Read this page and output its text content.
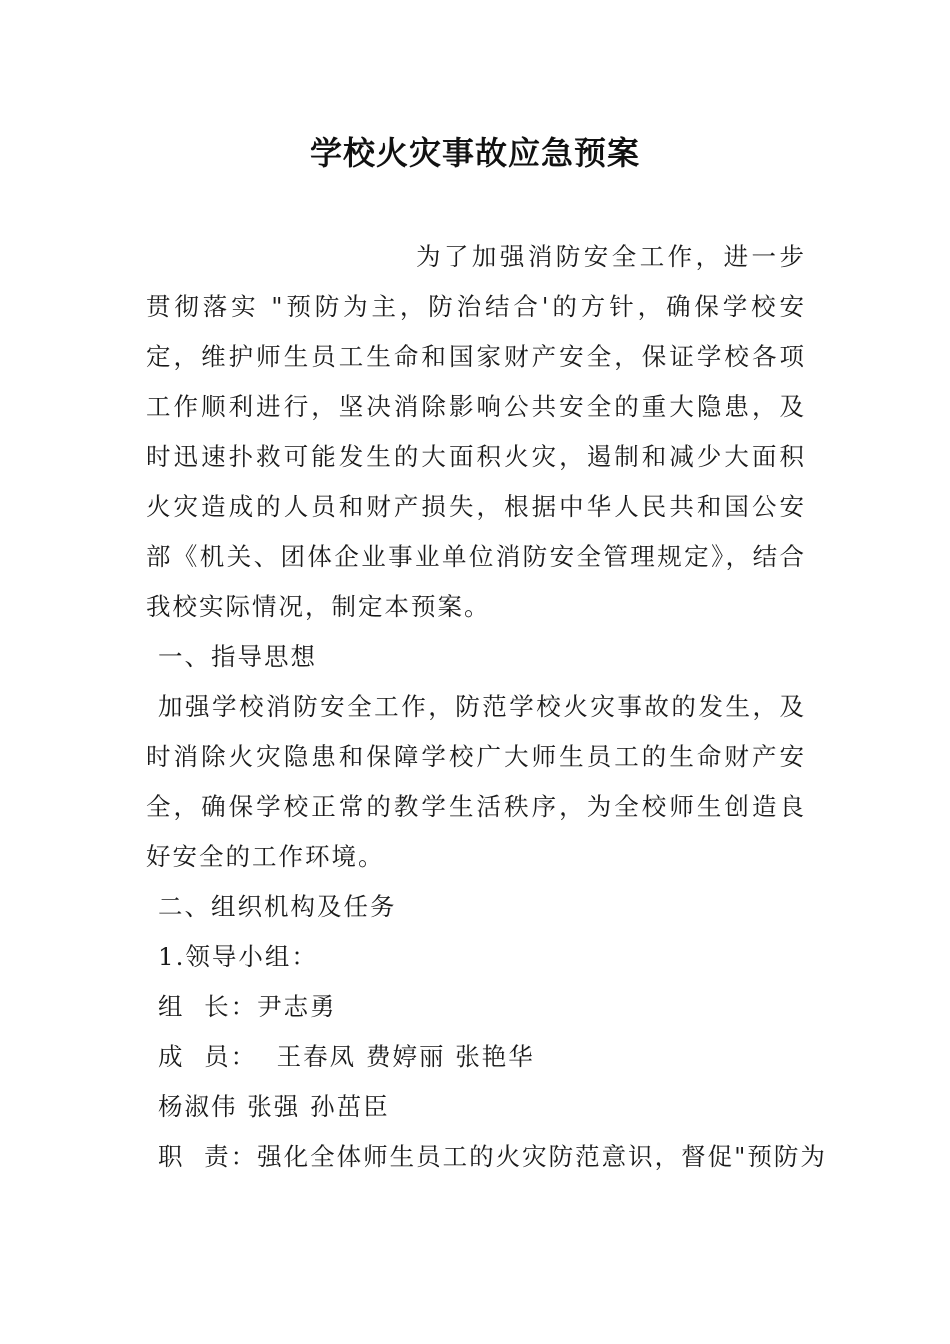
学校火灾事故应急预案

为了加强消防安全工作，进一步贯彻落实 "预防为主，防治结合'的方针，确保学校安定，维护师生员工生命和国家财产安全，保证学校各项工作顺利进行，坚决消除影响公共安全的重大隐患，及时迅速扑救可能发生的大面积火灾，遏制和减少大面积火灾造成的人员和财产损失，根据中华人民共和国公安部《机关、团体企业事业单位消防安全管理规定》，结合我校实际情况，制定本预案。

一、指导思想

加强学校消防安全工作，防范学校火灾事故的发生，及时消除火灾隐患和保障学校广大师生员工的生命财产安全，确保学校正常的教学生活秩序，为全校师生创造良好安全的工作环境。

二、组织机构及任务

1.领导小组：

组  长：尹志勇

成  员：  王春凤 费婷丽 张艳华

杨淑伟 张强 孙茁臣

职  责：强化全体师生员工的火灾防范意识，督促"预防为
